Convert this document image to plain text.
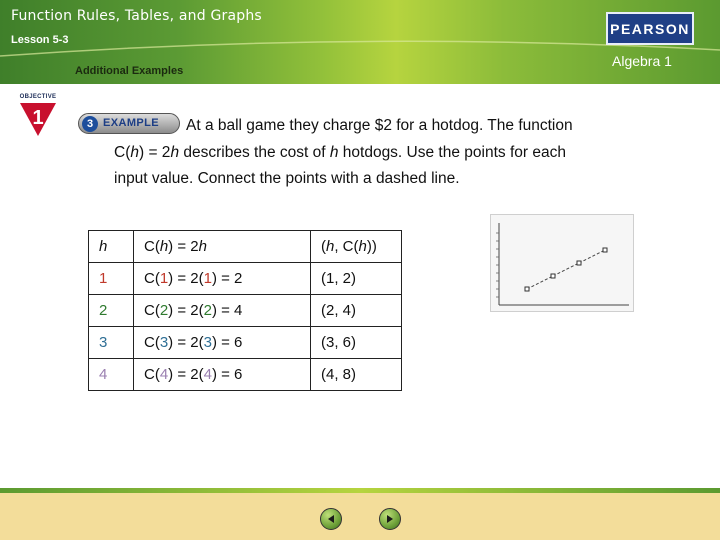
Function Rules, Tables, and Graphs
Lesson 5-3
Additional Examples
PEARSON
Algebra 1
OBJECTIVE
1	3 EXAMPLE At a ball game they charge $2 for a hotdog. The function
C(h) = 2h describes the cost of h hotdogs. Use the points for each
input value. Connect the points with a dashed line.
h	C(h) = 2h	(h, C(h))
1	C(1) = 2(1) = 2	(1, 2)
2	C(2) = 2(2) = 4	(2, 4)
3	C(3) = 2(3) = 6	(3, 6)
4	C(4) = 2(4) = 6	(4, 8)
